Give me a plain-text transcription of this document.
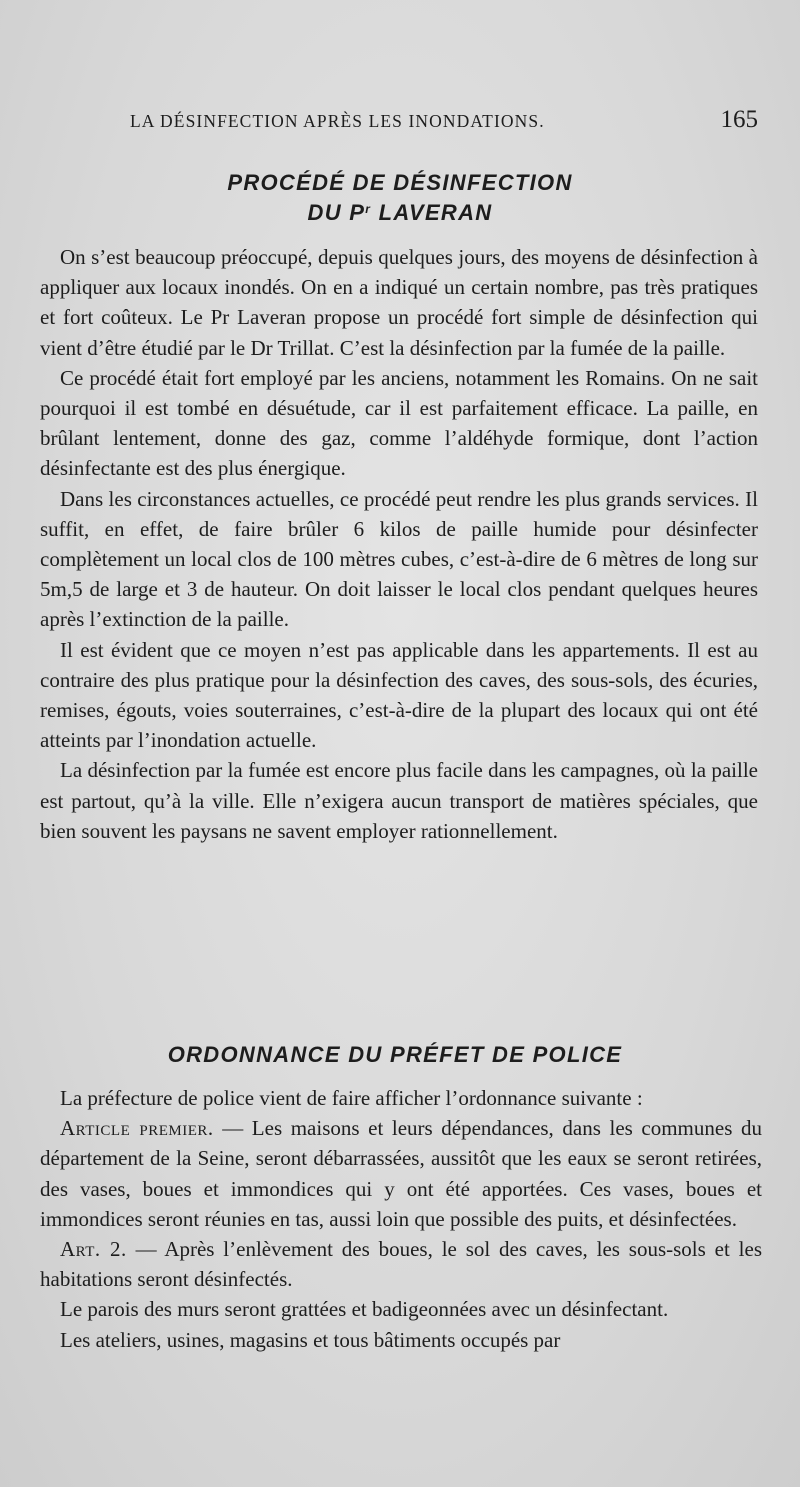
LA DÉSINFECTION APRÈS LES INONDATIONS.	165
PROCÉDÉ DE DÉSINFECTION
DU $P^r$ LAVERAN

On s’est beaucoup préoccupé, depuis quelques jours, des moyens de désinfection à appliquer aux locaux inondés. On en a indiqué un certain nombre, pas très pratiques et fort coûteux. Le Pr Laveran propose un procédé fort simple de désinfection qui vient d’être étudié par le Dr Trillat. C’est la désinfection par la fumée de la paille.

Ce procédé était fort employé par les anciens, notamment les Romains. On ne sait pourquoi il est tombé en désuétude, car il est parfaitement efficace. La paille, en brûlant lentement, donne des gaz, comme l’aldéhyde formique, dont l’action désinfectante est des plus énergique.

Dans les circonstances actuelles, ce procédé peut rendre les plus grands services. Il suffit, en effet, de faire brûler 6 kilos de paille humide pour désinfecter complètement un local clos de 100 mètres cubes, c’est-à-dire de 6 mètres de long sur 5m,5 de large et 3 de hauteur. On doit laisser le local clos pendant quelques heures après l’extinction de la paille.

Il est évident que ce moyen n’est pas applicable dans les appartements. Il est au contraire des plus pratique pour la désinfection des caves, des sous-sols, des écuries, remises, égouts, voies souterraines, c’est-à-dire de la plupart des locaux qui ont été atteints par l’inondation actuelle.

La désinfection par la fumée est encore plus facile dans les campagnes, où la paille est partout, qu’à la ville. Elle n’exigera aucun transport de matières spéciales, que bien souvent les paysans ne savent employer rationnellement.

ORDONNANCE DU PRÉFET DE POLICE

La préfecture de police vient de faire afficher l’ordonnance suivante :

Article premier. — Les maisons et leurs dépendances, dans les communes du département de la Seine, seront débarrassées, aussitôt que les eaux se seront retirées, des vases, boues et immondices qui y ont été apportées. Ces vases, boues et immondices seront réunies en tas, aussi loin que possible des puits, et désinfectées.

Art. 2. — Après l’enlèvement des boues, le sol des caves, les sous-sols et les habitations seront désinfectés.

Le parois des murs seront grattées et badigeonnées avec un désinfectant.

Les ateliers, usines, magasins et tous bâtiments occupés par
